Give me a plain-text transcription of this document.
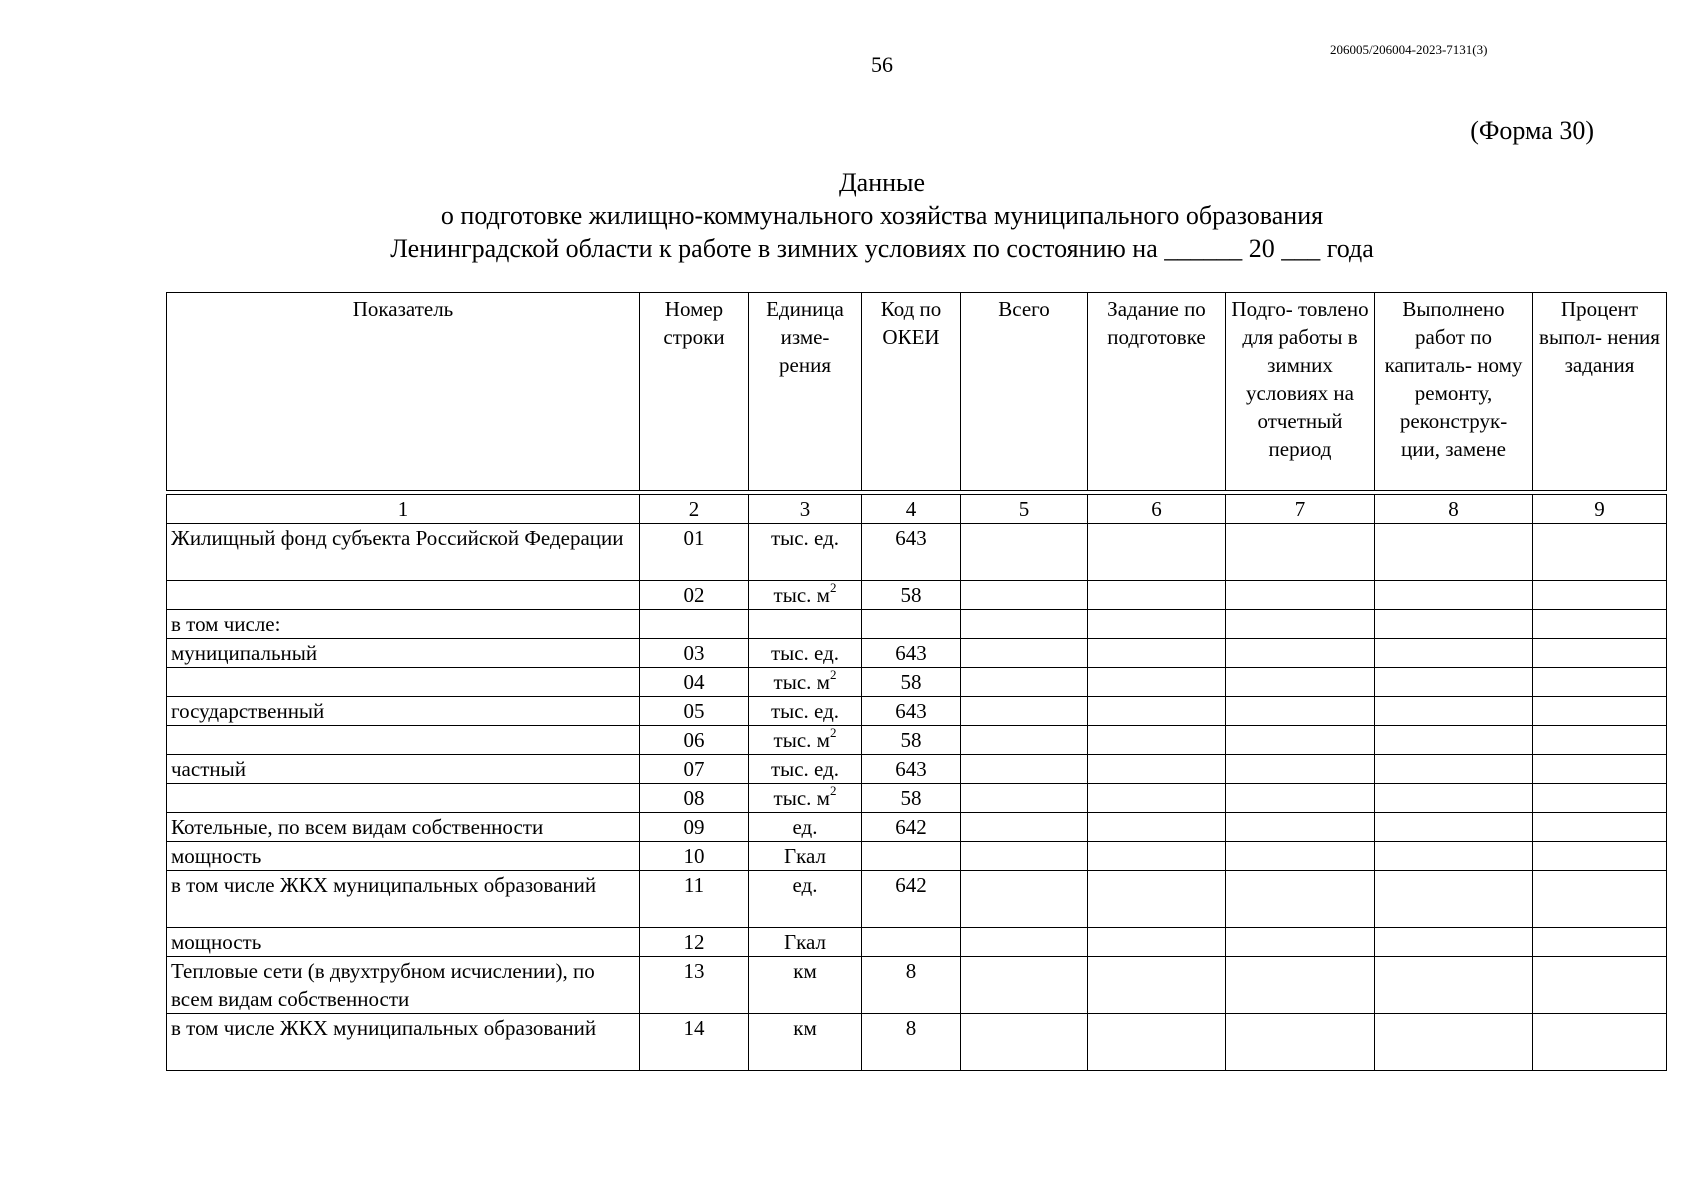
206005/206004-2023-7131(3)
56
(Форма 30)
Данные
о подготовке жилищно-коммунального хозяйства муниципального образования
Ленинградской области к работе в зимних условиях по состоянию на ______ 20 ___ года
Показатель	Номер строки	Единица изме- рения	Код по ОКЕИ	Всего	Задание по подготовке	Подго- товлено для работы в зимних условиях на отчетный период	Выполнено работ по капиталь- ному ремонту, реконструк- ции, замене	Процент выпол- нения задания

1	2	3	4	5	6	7	8	9
Жилищный фонд субъекта Российской Федерации	01	тыс. ед.	643					
	02	тыс. $м^2$	58					
в том числе:								
муниципальный	03	тыс. ед.	643					
	04	тыс. $м^2$	58					
государственный	05	тыс. ед.	643					
	06	тыс. $м^2$	58					
частный	07	тыс. ед.	643					
	08	тыс. $м^2$	58					
Котельные, по всем видам собственности	09	ед.	642					
мощность	10	Гкал						
в том числе ЖКХ муниципальных образований	11	ед.	642					
мощность	12	Гкал						
Тепловые сети (в двухтрубном исчислении), по всем видам собственности	13	км	8					
в том числе ЖКХ муниципальных образований	14	км	8					
